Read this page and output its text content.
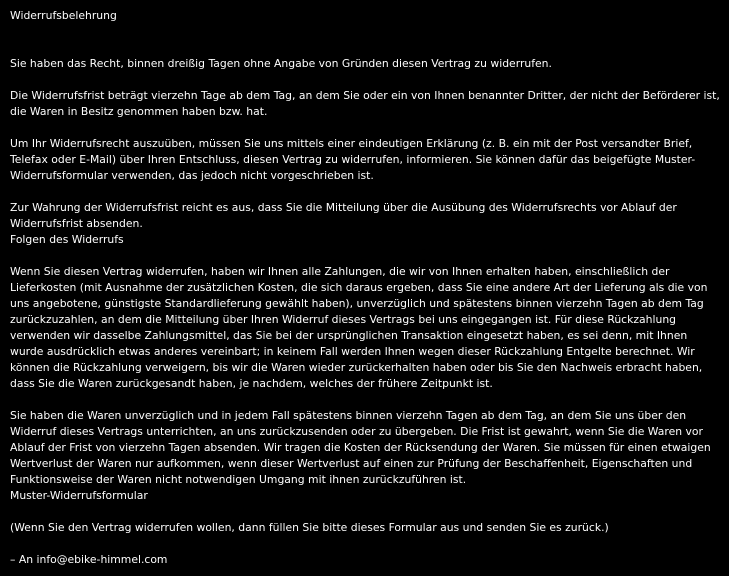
Widerrufsbelehrung

Sie haben das Recht, binnen dreißig Tagen ohne Angabe von Gründen diesen Vertrag zu widerrufen.

Die Widerrufsfrist beträgt vierzehn Tage ab dem Tag, an dem Sie oder ein von Ihnen benannter Dritter, der nicht der Beförderer ist, die Waren in Besitz genommen haben bzw. hat.

Um Ihr Widerrufsrecht auszuüben, müssen Sie uns mittels einer eindeutigen Erklärung (z. B. ein mit der Post versandter Brief, Telefax oder E-Mail) über Ihren Entschluss, diesen Vertrag zu widerrufen, informieren. Sie können dafür das beigefügte Muster-Widerrufsformular verwenden, das jedoch nicht vorgeschrieben ist.

Zur Wahrung der Widerrufsfrist reicht es aus, dass Sie die Mitteilung über die Ausübung des Widerrufsrechts vor Ablauf der Widerrufsfrist absenden.

Folgen des Widerrufs

Wenn Sie diesen Vertrag widerrufen, haben wir Ihnen alle Zahlungen, die wir von Ihnen erhalten haben, einschließlich der Lieferkosten (mit Ausnahme der zusätzlichen Kosten, die sich daraus ergeben, dass Sie eine andere Art der Lieferung als die von uns angebotene, günstigste Standardlieferung gewählt haben), unverzüglich und spätestens binnen vierzehn Tagen ab dem Tag zurückzuzahlen, an dem die Mitteilung über Ihren Widerruf dieses Vertrags bei uns eingegangen ist. Für diese Rückzahlung verwenden wir dasselbe Zahlungsmittel, das Sie bei der ursprünglichen Transaktion eingesetzt haben, es sei denn, mit Ihnen wurde ausdrücklich etwas anderes vereinbart; in keinem Fall werden Ihnen wegen dieser Rückzahlung Entgelte berechnet. Wir können die Rückzahlung verweigern, bis wir die Waren wieder zurückerhalten haben oder bis Sie den Nachweis erbracht haben, dass Sie die Waren zurückgesandt haben, je nachdem, welches der frühere Zeitpunkt ist.

Sie haben die Waren unverzüglich und in jedem Fall spätestens binnen vierzehn Tagen ab dem Tag, an dem Sie uns über den Widerruf dieses Vertrags unterrichten, an uns zurückzusenden oder zu übergeben. Die Frist ist gewahrt, wenn Sie die Waren vor Ablauf der Frist von vierzehn Tagen absenden. Wir tragen die Kosten der Rücksendung der Waren. Sie müssen für einen etwaigen Wertverlust der Waren nur aufkommen, wenn dieser Wertverlust auf einen zur Prüfung der Beschaffenheit, Eigenschaften und Funktionsweise der Waren nicht notwendigen Umgang mit ihnen zurückzuführen ist.

Muster-Widerrufsformular

(Wenn Sie den Vertrag widerrufen wollen, dann füllen Sie bitte dieses Formular aus und senden Sie es zurück.)

– An info@ebike-himmel.com
